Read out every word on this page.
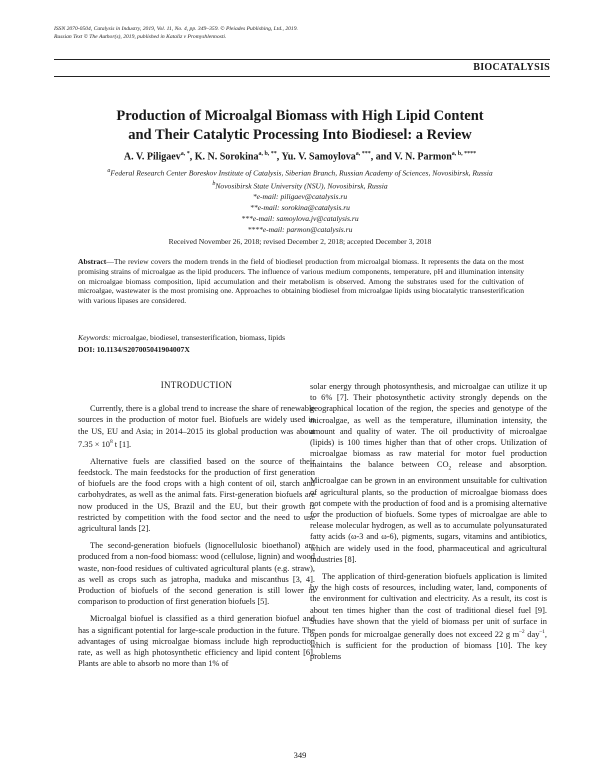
ISSN 2070-0504, Catalysis in Industry, 2019, Vol. 11, No. 4, pp. 349–359. © Pleiades Publishing, Ltd., 2019.
Russian Text © The Author(s), 2019, published in Kataliz v Promyshlennosti.
BIOCATALYSIS
Production of Microalgal Biomass with High Lipid Content
and Their Catalytic Processing Into Biodiesel: a Review
A. V. Piligaev$^{a, *}$, K. N. Sorokina$^{a, b, **}$, Yu. V. Samoylova$^{a, ***}$, and V. N. Parmon$^{a, b, ****}$
$^a$Federal Research Center Boreskov Institute of Catalysis, Siberian Branch, Russian Academy of Sciences, Novosibirsk, Russia
$^b$Novosibirsk State University (NSU), Novosibirsk, Russia
*e-mail: piligaev@catalysis.ru
**e-mail: sorokina@catalysis.ru
***e-mail: samoylova.jv@catalysis.ru
****e-mail: parmon@catalysis.ru
Received November 26, 2018; revised December 2, 2018; accepted December 3, 2018
Abstract—The review covers the modern trends in the field of biodiesel production from microalgal biomass. It represents the data on the most promising strains of microalgae as the lipid producers. The influence of various medium components, temperature, pH and illumination intensity on microalgae biomass composition, lipid accumulation and their metabolism is observed. Among the substrates used for the cultivation of microalgae, wastewater is the most promising one. Approaches to obtaining biodiesel from microalgae lipids using biocatalytic transesterification with various lipases are considered.
Keywords: microalgae, biodiesel, transesterification, biomass, lipids
DOI: 10.1134/S207005041904007X
INTRODUCTION

Currently, there is a global trend to increase the share of renewable sources in the production of motor fuel. Biofuels are widely used in the US, EU and Asia; in 2014–2015 its global production was about $7.35 \times 10^8$ t [1].

Alternative fuels are classified based on the source of their feedstock. The main feedstocks for the production of first generation of biofuels are the food crops with a high content of oil, starch and carbohydrates, as well as the animal fats. First-generation biofuels are now produced in the US, Brazil and the EU, but their growth is restricted by competition with the food sector and the need to use agricultural lands [2].

The second-generation biofuels (lignocellulosic bioethanol) are produced from a non-food biomass: wood (cellulose, lignin) and wood waste, non-food residues of cultivated agricultural plants (e.g. straw), as well as crops such as jatropha, maduka and miscanthus [3, 4]. Production of biofuels of the second generation is still lower in comparison to production of first generation biofuels [5].

Microalgal biofuel is classified as a third generation biofuel and has a significant potential for large-scale production in the future. The advantages of using microalgae biomass include high reproduction rate, as well as high photosynthetic efficiency and lipid content [6]. Plants are able to absorb no more than 1% of

solar energy through photosynthesis, and microalgae can utilize it up to 6% [7]. Their photosynthetic activity strongly depends on the geographical location of the region, the species and genotype of the microalgae, as well as the temperature, illumination intensity, the amount and quality of water. The oil productivity of microalgae (lipids) is 100 times higher than that of other crops. Utilization of microalgae biomass as raw material for motor fuel production maintains the balance between $CO_2$ release and absorption. Microalgae can be grown in an environment unsuitable for cultivation of agricultural plants, so the production of microalgae biomass does not compete with the production of food and is a promising alternative for the production of biofuels. Some types of microalgae are able to release molecular hydrogen, as well as to accumulate polyunsaturated fatty acids (ω-3 and ω-6), pigments, sugars, vitamins and antibiotics, which are widely used in the food, pharmaceutical and agricultural industries [8].

The application of third-generation biofuels application is limited by the high costs of resources, including water, land, components of the environment for cultivation and electricity. As a result, its cost is about ten times higher than the cost of traditional diesel fuel [9]. Studies have shown that the yield of biomass per unit of surface in open ponds for microalgae generally does not exceed 22 g $m^{-2}$ day$^{-1}$, which is sufficient for the production of biomass [10]. The key problems

349
